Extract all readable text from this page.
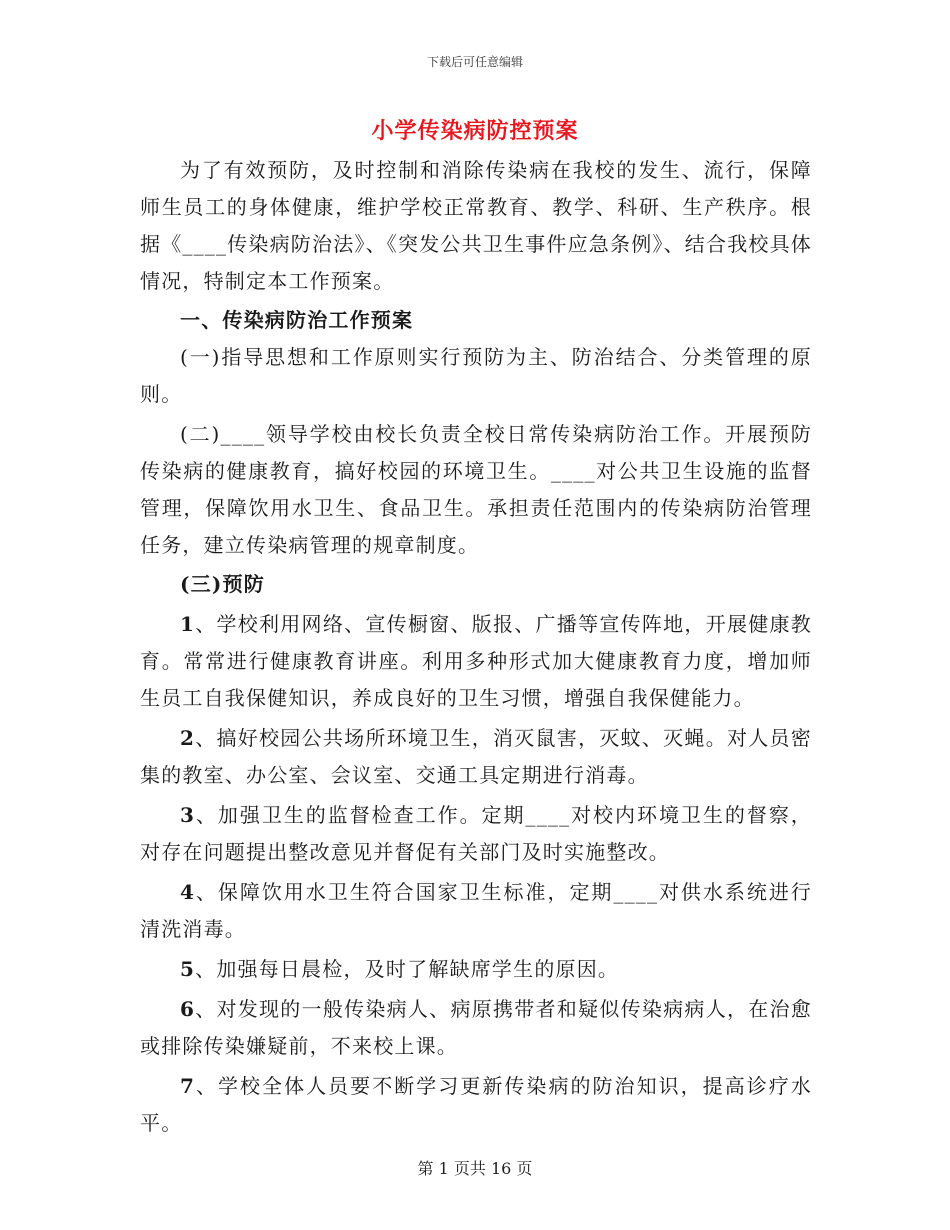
下载后可任意编辑
小学传染病防控预案

为了有效预防，及时控制和消除传染病在我校的发生、流行，保障师生员工的身体健康，维护学校正常教育、教学、科研、生产秩序。根据《____传染病防治法》、《突发公共卫生事件应急条例》、结合我校具体情况，特制定本工作预案。

一、传染病防治工作预案

(一)指导思想和工作原则实行预防为主、防治结合、分类管理的原则。

(二)____领导学校由校长负责全校日常传染病防治工作。开展预防传染病的健康教育，搞好校园的环境卫生。____对公共卫生设施的监督管理，保障饮用水卫生、食品卫生。承担责任范围内的传染病防治管理任务，建立传染病管理的规章制度。

(三)预防

1、学校利用网络、宣传橱窗、版报、广播等宣传阵地，开展健康教育。常常进行健康教育讲座。利用多种形式加大健康教育力度，增加师生员工自我保健知识，养成良好的卫生习惯，增强自我保健能力。

2、搞好校园公共场所环境卫生，消灭鼠害，灭蚊、灭蝇。对人员密集的教室、办公室、会议室、交通工具定期进行消毒。

3、加强卫生的监督检查工作。定期____对校内环境卫生的督察，对存在问题提出整改意见并督促有关部门及时实施整改。

4、保障饮用水卫生符合国家卫生标准，定期____对供水系统进行清洗消毒。

5、加强每日晨检，及时了解缺席学生的原因。

6、对发现的一般传染病人、病原携带者和疑似传染病病人，在治愈或排除传染嫌疑前，不来校上课。

7、学校全体人员要不断学习更新传染病的防治知识，提高诊疗水平。

第 1 页共 16 页
